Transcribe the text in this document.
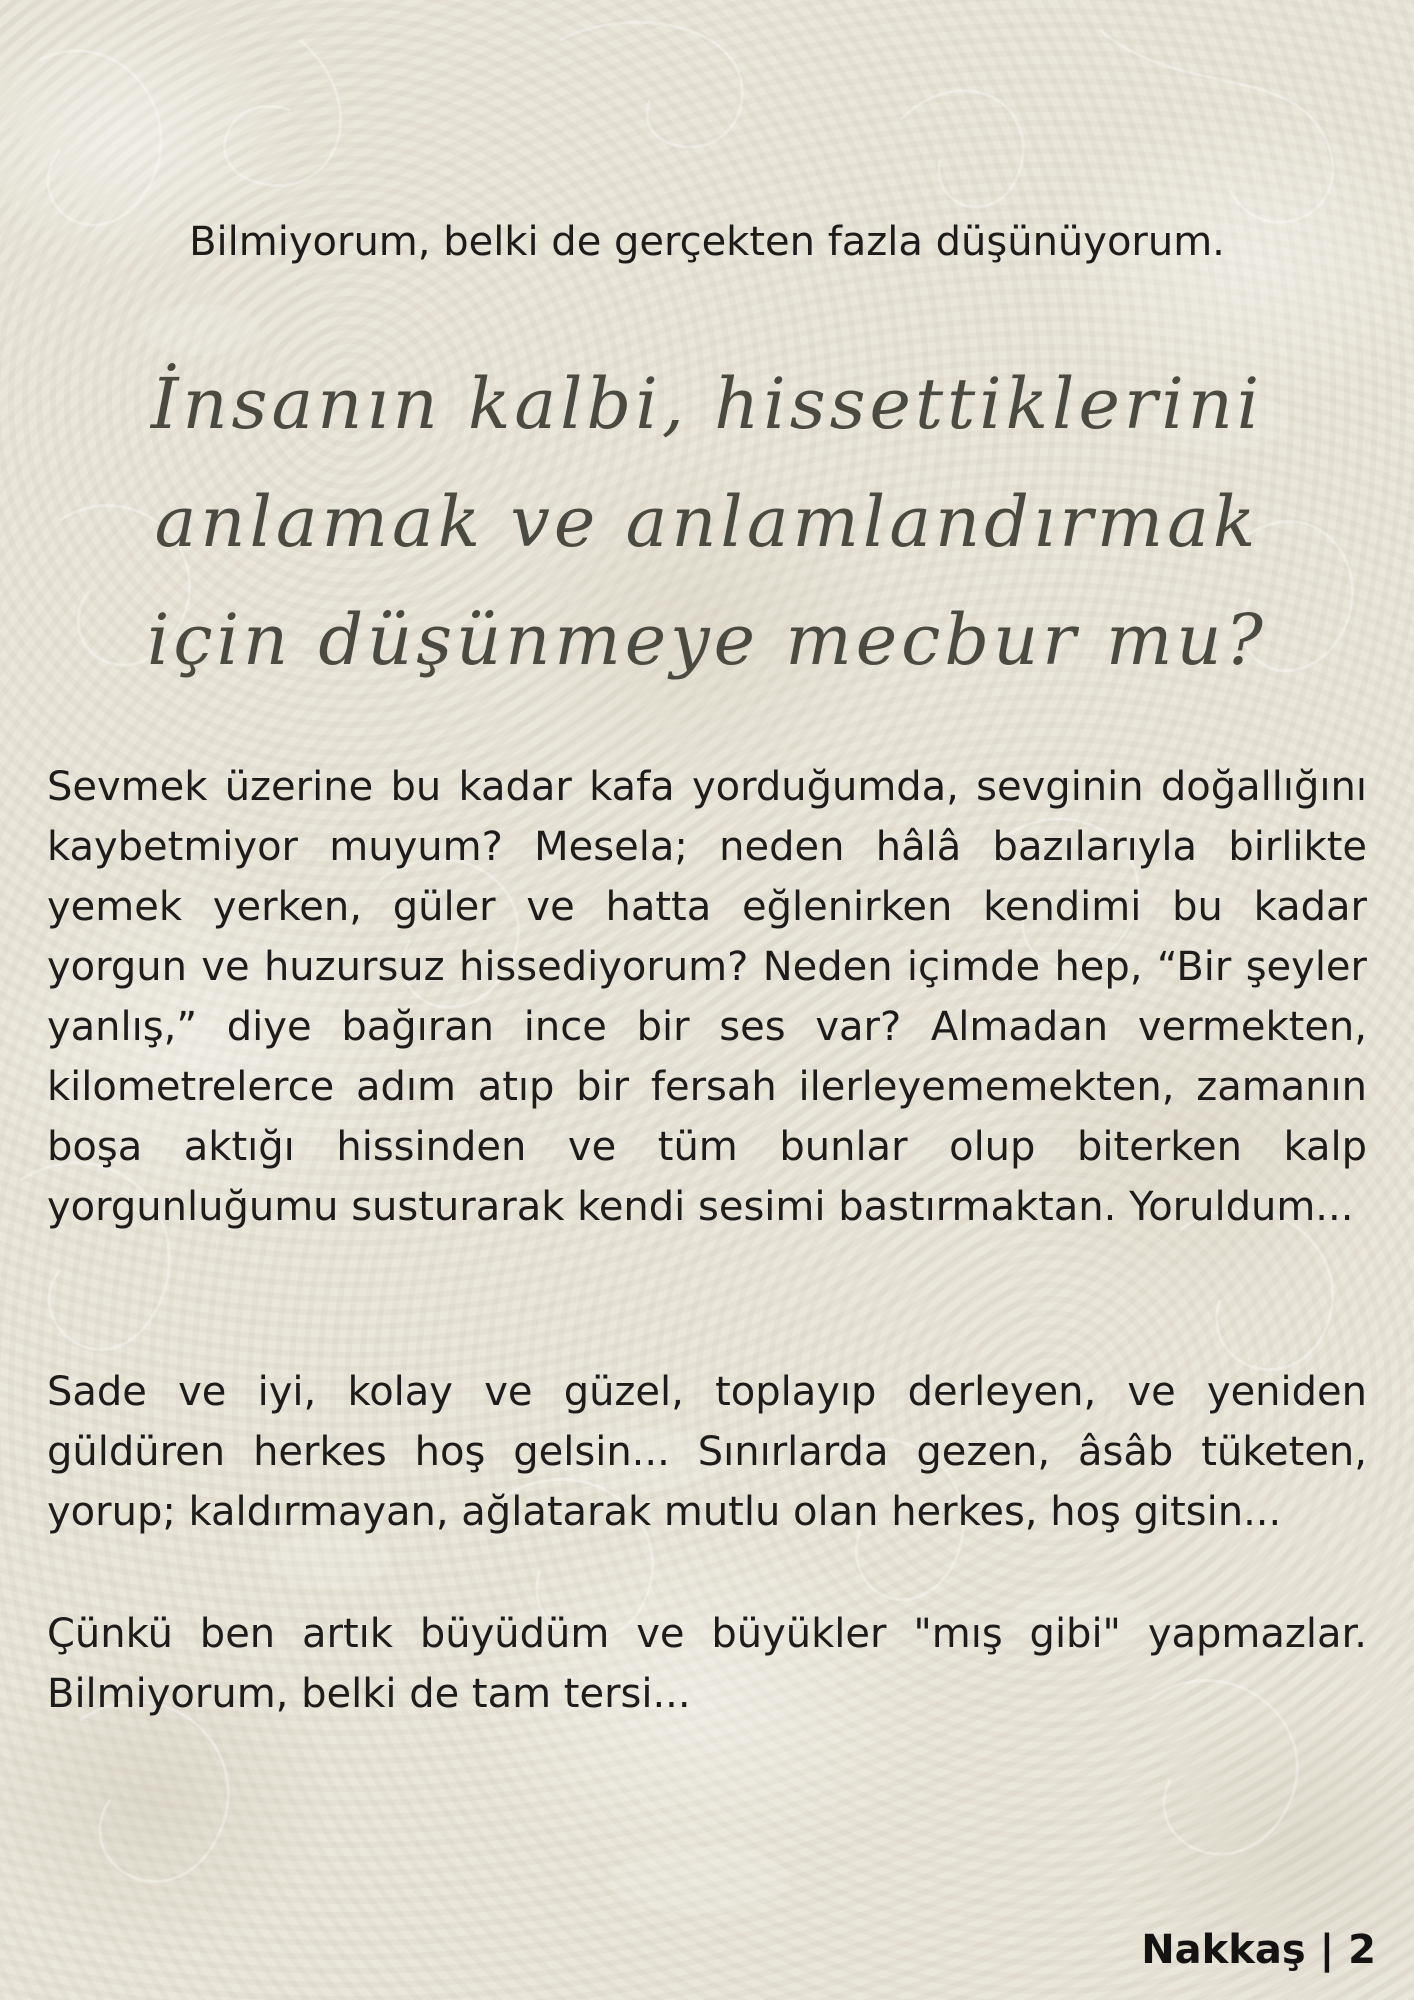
Bilmiyorum, belki de gerçekten fazla düşünüyorum.

İnsanın kalbi, hissettiklerini anlamak ve anlamlandırmak için düşünmeye mecbur mu?

Sevmek üzerine bu kadar kafa yorduğumda, sevginin doğallığını kaybetmiyor muyum? Mesela; neden hâlâ bazılarıyla birlikte yemek yerken, güler ve hatta eğlenirken kendimi bu kadar yorgun ve huzursuz hissediyorum? Neden içimde hep, “Bir şeyler yanlış,” diye bağıran ince bir ses var? Almadan vermekten, kilometrelerce adım atıp bir fersah ilerleyememekten, zamanın boşa aktığı hissinden ve tüm bunlar olup biterken kalp yorgunluğumu susturarak kendi sesimi bastırmaktan. Yoruldum...

Sade ve iyi, kolay ve güzel, toplayıp derleyen, ve yeniden güldüren herkes hoş gelsin... Sınırlarda gezen, âsâb tüketen, yorup; kaldırmayan, ağlatarak mutlu olan herkes, hoş gitsin...

Çünkü ben artık büyüdüm ve büyükler "mış gibi" yapmazlar. Bilmiyorum, belki de tam tersi...

Nakkaş | 2
